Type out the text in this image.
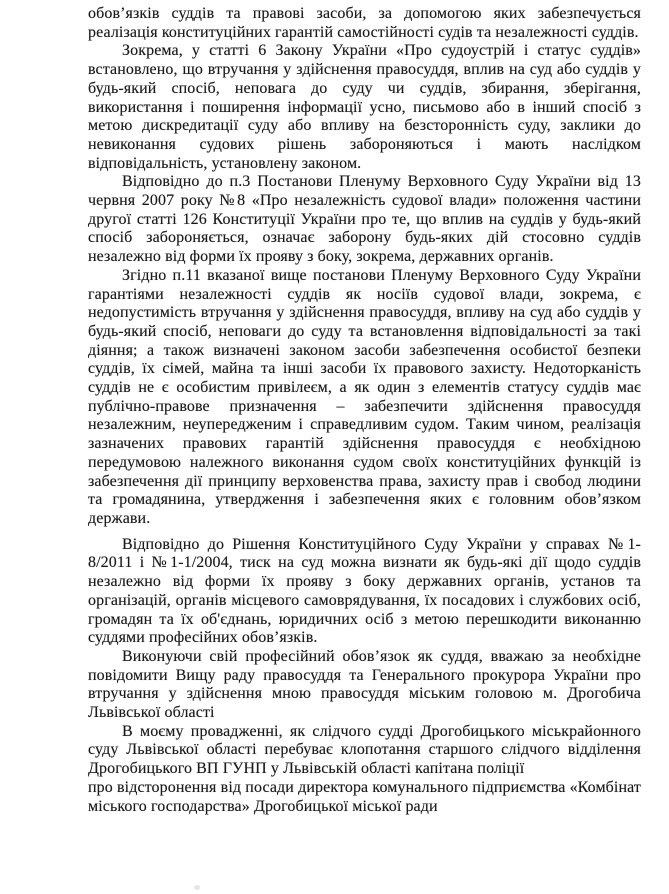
обов’язків суддів та правові засоби, за допомогою яких забезпечується реалізація конституційних гарантій самостійності судів та незалежності суддів.

Зокрема, у статті 6 Закону України «Про судоустрій і статус суддів» встановлено, що втручання у здійснення правосуддя, вплив на суд або суддів у будь-який спосіб, неповага до суду чи суддів, збирання, зберігання, використання і поширення інформації усно, письмово або в інший спосіб з метою дискредитації суду або впливу на безсторонність суду, заклики до невиконання судових рішень забороняються і мають наслідком відповідальність, установлену законом.

Відповідно до п.3 Постанови Пленуму Верховного Суду України від 13 червня 2007 року №8 «Про незалежність судової влади» положення частини другої статті 126 Конституції України про те, що вплив на суддів у будь-який спосіб забороняється, означає заборону будь-яких дій стосовно суддів незалежно від форми їх прояву з боку, зокрема, державних органів.

Згідно п.11 вказаної вище постанови Пленуму Верховного Суду України гарантіями незалежності суддів як носіїв судової влади, зокрема, є недопустимість втручання у здійснення правосуддя, впливу на суд або суддів у будь-який спосіб, неповаги до суду та встановлення відповідальності за такі діяння; а також визначені законом засоби забезпечення особистої безпеки суддів, їх сімей, майна та інші засоби їх правового захисту. Недоторканість суддів не є особистим привілеєм, а як один з елементів статусу суддів має публічно-правове призначення – забезпечити здійснення правосуддя незалежним, неупередженим і справедливим судом. Таким чином, реалізація зазначених правових гарантій здійснення правосуддя є необхідною передумовою належного виконання судом своїх конституційних функцій із забезпечення дії принципу верховенства права, захисту прав і свобод людини та громадянина, утвердження і забезпечення яких є головним обов’язком держави.

Відповідно до Рішення Конституційного Суду України у справах №1-8/2011 і №1-1/2004, тиск на суд можна визнати як будь-які дії щодо суддів незалежно від форми їх прояву з боку державних органів, установ та організацій, органів місцевого самоврядування, їх посадових і службових осіб, громадян та їх об'єднань, юридичних осіб з метою перешкодити виконанню суддями професійних обов’язків.

Виконуючи свій професійний обов’язок як суддя, вважаю за необхідне повідомити Вищу раду правосуддя та Генерального прокурора України про втручання у здійснення мною правосуддя міським головою м. Дрогобича Львівської області

В моєму провадженні, як слідчого судді Дрогобицького міськрайонного суду Львівської області перебуває клопотання старшого слідчого відділення Дрогобицького ВП ГУНП у Львівській області капітана поліції

про відсторонення від посади директора комунального підприємства «Комбінат міського господарства» Дрогобицької міської ради
